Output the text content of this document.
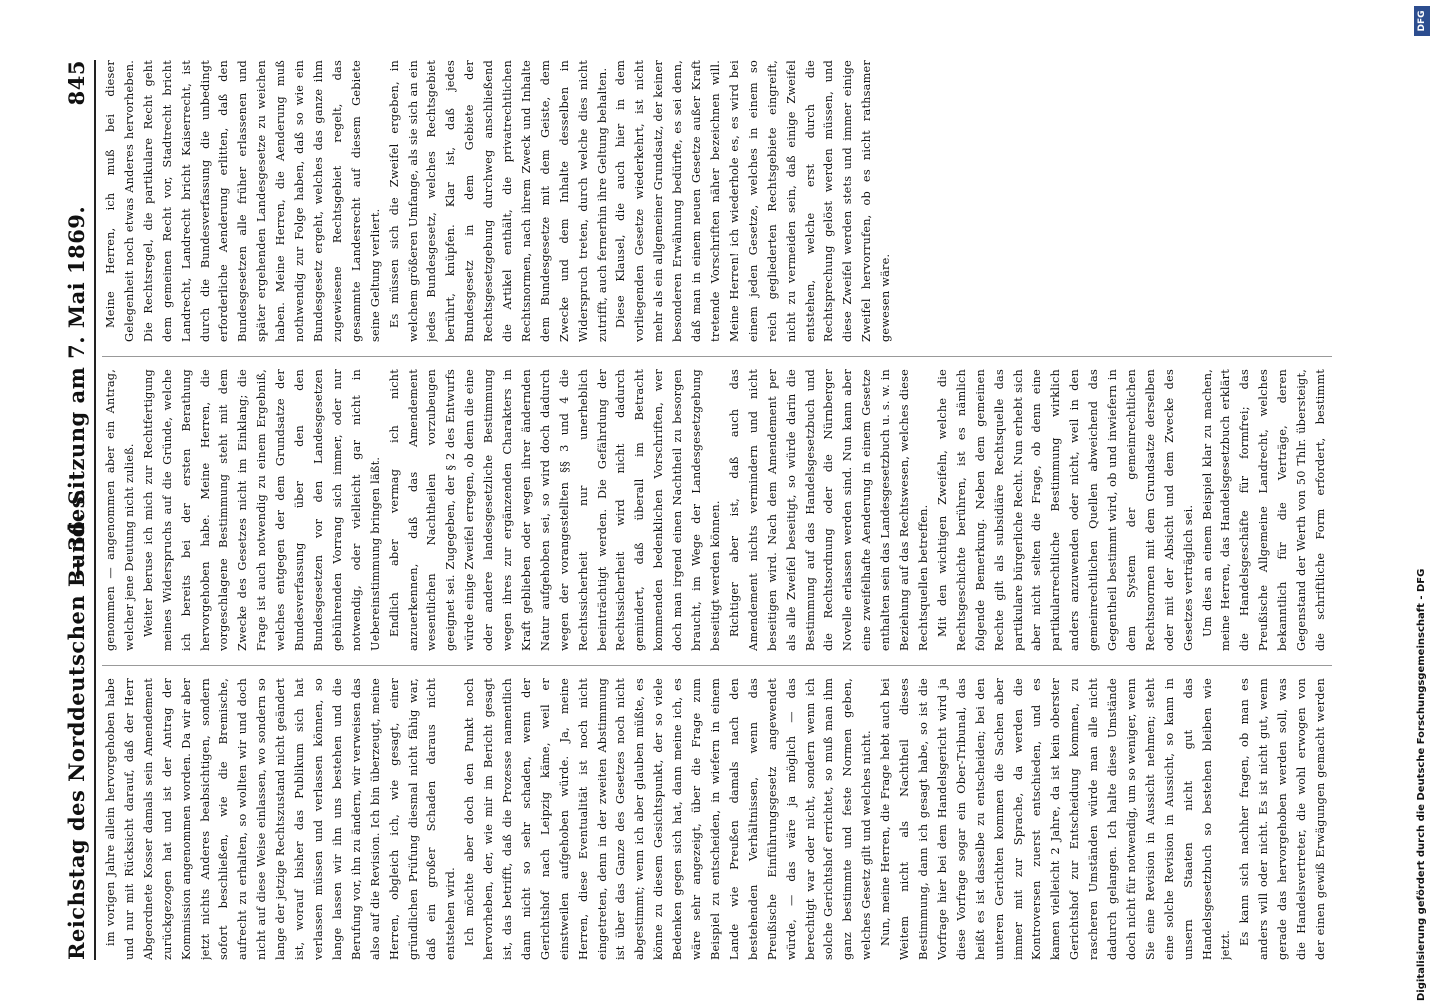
Reichstag des Norddeutschen Bundes.
— 36. Sitzung am 7. Mai 1869.
845

im vorigen Jahre allein hervorgehoben habe und nur mit Rücksicht darauf, daß der Herr Abgeordnete Kosser damals sein Amendement zurückgezogen hat und ist der Antrag der Kommission angenommen worden. Da wir aber jetzt nichts Anderes beabsichtigen, sondern sofort beschließen, wie die Bremische, aufrecht zu erhalten, so wollten wir und doch nicht auf diese Weise einlassen, wo sondern so lange der jetzige Rechtszustand nicht geändert ist, worauf bisher das Publikum sich hat verlassen müssen und verlassen können, so lange lassen wir ihn uns bestehen und die Berufung vor, ihn zu ändern, wir verweisen das also auf die Revision. Ich bin überzeugt, meine Herren, obgleich ich, wie gesagt, einer gründlichen Prüfung diesmal nicht fähig war, daß ein großer Schaden daraus nicht entstehen wird. Ich möchte aber doch den Punkt noch hervorheben, der, wie mir im Bericht gesagt ist, das betrifft, daß die Prozesse namentlich dann nicht so sehr schaden, wenn der Gerichtshof nach Leipzig käme, weil er einstweilen aufgehoben würde. Ja, meine Herren, diese Eventualität ist noch nicht eingetreten, denn in der zweiten Abstimmung ist über das Ganze des Gesetzes noch nicht abgestimmt; wenn ich aber glauben müßte, es könne zu diesem Gesichtspunkt, der so viele Bedenken gegen sich hat, dann meine ich, es wäre sehr angezeigt, über die Frage zum Beispiel zu entscheiden, in wiefern in einem Lande wie Preußen damals nach den bestehenden Verhältnissen, wenn das Preußische Einführungsgesetz angewendet würde, — das wäre ja möglich — das berechtigt war oder nicht, sondern wenn ich solche Gerichtshof errichtet, so muß man ihm ganz bestimmte und feste Normen geben, welches Gesetz gilt und welches nicht. Nun, meine Herren, die Frage hebt auch bei Weitem nicht als Nachtheil dieses Bestimmung, dann ich gesagt habe, so ist die Vorfrage hier bei dem Handelsgericht wird ja diese Vorfrage sogar ein Ober-Tribunal, das heißt es ist dasselbe zu entscheiden; bei den unteren Gerichten kommen die Sachen aber immer mit zur Sprache, da werden die Kontroversen zuerst entschieden, und es kamen vielleicht 2 Jahre, da ist kein oberster Gerichtshof zur Entscheidung kommen, zu rascheren Umständen würde man alle nicht dadurch gelangen. Ich halte diese Umstände doch nicht für notwendig, um so weniger, wenn Sie eine Revision in Aussicht nehmen; steht eine solche Revision in Aussicht, so kann in unsern Staaten nicht gut das Handelsgesetzbuch so bestehen bleiben wie jetzt. Es kann sich nachher fragen, ob man es anders will oder nicht. Es ist nicht gut, wenn gerade das hervorgehoben werden soll, was die Handelsvertreter, die wohl erwogen von der einen gewiß Erwägungen gemacht werden

genommen — angenommen aber ein Antrag, welcher jene Deutung nicht zuließ. Weiter beruse ich mich zur Rechtfertigung meines Widerspruchs auf die Gründe, welche ich bereits bei der ersten Berathung hervorgehoben habe. Meine Herren, die vorgeschlagene Bestimmung steht mit dem Zwecke des Gesetzes nicht im Einklang; die Frage ist auch notwendig zu einem Ergebniß, welches entgegen der dem Grundsatze der Bundesverfassung über den den Bundesgesetzen vor den Landesgesetzen gebührenden Vorrang sich immer, oder nur notwendig, oder vielleicht gar nicht in Uebereinstimmung bringen läßt. Endlich aber vermag ich nicht anzuerkennen, daß das Amendement wesentlichen Nachtheilen vorzubeugen geeignet sei. Zugegeben, der § 2 des Entwurfs würde einige Zweifel erregen, ob denn die eine oder andere landesgesetzliche Bestimmung wegen ihres zur ergänzenden Charakters in Kraft geblieben oder wegen ihrer ändernden Natur aufgehoben sei, so wird doch dadurch wegen der vorangestellten §§ 3 und 4 die Rechtssicherheit nur unerheblich beeinträchtigt werden. Die Gefährdung der Rechtssicherheit wird nicht dadurch gemindert, daß überall im Betracht kommenden bedenklichen Vorschriften, wer doch man irgend einen Nachtheil zu besorgen braucht, im Wege der Landesgesetzgebung beseitigt werden können. Richtiger aber ist, daß auch das Amendement nichts vermindern und nicht beseitigen wird. Nach dem Amendement per als alle Zweifel beseitigt, so würde darin die Bestimmung auf das Handelsgesetzbuch und die Rechtsordnung oder die Nürnberger Novelle erlassen werden sind. Nun kann aber eine zweifelhafte Aenderung in einem Gesetze enthalten sein das Landesgesetzbuch u. s. w. in Beziehung auf das Rechtswesen, welches diese Rechtsquellen betreffen. Mit den wichtigen Zweifeln, welche die Rechtsgeschichte berühren, ist es nämlich folgende Bemerkung. Neben dem gemeinen Rechte gilt als subsidiäre Rechtsquelle das partikulare bürgerliche Recht. Nun erhebt sich aber nicht selten die Frage, ob denn eine partikularrechtliche Bestimmung wirklich anders anzuwenden oder nicht, weil in den gemeinrechtlichen Quellen abweichend das Gegentheil bestimmt wird, ob und inwiefern in dem System der gemeinrechtlichen Rechtsnormen mit dem Grundsatze derselben oder mit der Absicht und dem Zwecke des Gesetzes verträglich sei. Um dies an einem Beispiel klar zu machen, meine Herren, das Handelsgesetzbuch erklärt die Handelsgeschäfte für formfrei; das Preußische Allgemeine Landrecht, welches bekanntlich für die Verträge, deren Gegenstand der Werth von 50 Thlr. übersteigt, die schriftliche Form erfordert, bestimmt

Meine Herren, ich muß bei dieser Gelegenheit noch etwas Anderes hervorheben. Die Rechtsregel, die partikulare Recht geht dem gemeinen Recht vor, Stadtrecht bricht Landrecht, Landrecht bricht Kaiserrecht, ist durch die Bundesverfassung die unbedingt erforderliche Aenderung erlitten, daß den Bundesgesetzen alle früher erlassenen und später ergehenden Landesgesetze zu weichen haben. Meine Herren, die Aenderung muß nothwendig zur Folge haben, daß so wie ein Bundesgesetz ergeht, welches das ganze ihm zugewiesene Rechtsgebiet regelt, das gesammte Landesrecht auf diesem Gebiete seine Geltung verliert. Es müssen sich die Zweifel ergeben, in welchem größeren Umfange, als sie sich an ein jedes Bundesgesetz, welches Rechtsgebiet berührt, knüpfen. Klar ist, daß jedes Bundesgesetz in dem Gebiete der Rechtsgesetzgebung durchweg anschließend die Artikel enthält, die privatrechtlichen Rechtsnormen, nach ihrem Zweck und Inhalte dem Bundesgesetze mit dem Geiste, dem Zwecke und dem Inhalte desselben in Widerspruch treten, durch welche dies nicht zutrifft, auch fernerhin ihre Geltung behalten. Diese Klausel, die auch hier in dem vorliegenden Gesetze wiederkehrt, ist nicht mehr als ein allgemeiner Grundsatz, der keiner besonderen Erwähnung bedürfte, es sei denn, daß man in einem neuen Gesetze außer Kraft tretende Vorschriften näher bezeichnen will. Meine Herren! ich wiederhole es, es wird bei einem jeden Gesetze, welches in einem so reich gegliederten Rechtsgebiete eingreift, nicht zu vermeiden sein, daß einige Zweifel entstehen, welche erst durch die Rechtsprechung gelöst werden müssen, und diese Zweifel werden stets und immer einige Zweifel hervorrufen, ob es nicht rathsamer gewesen wäre.

Digitalisierung gefördert durch die Deutsche Forschungsgemeinschaft - DFG
DFG
